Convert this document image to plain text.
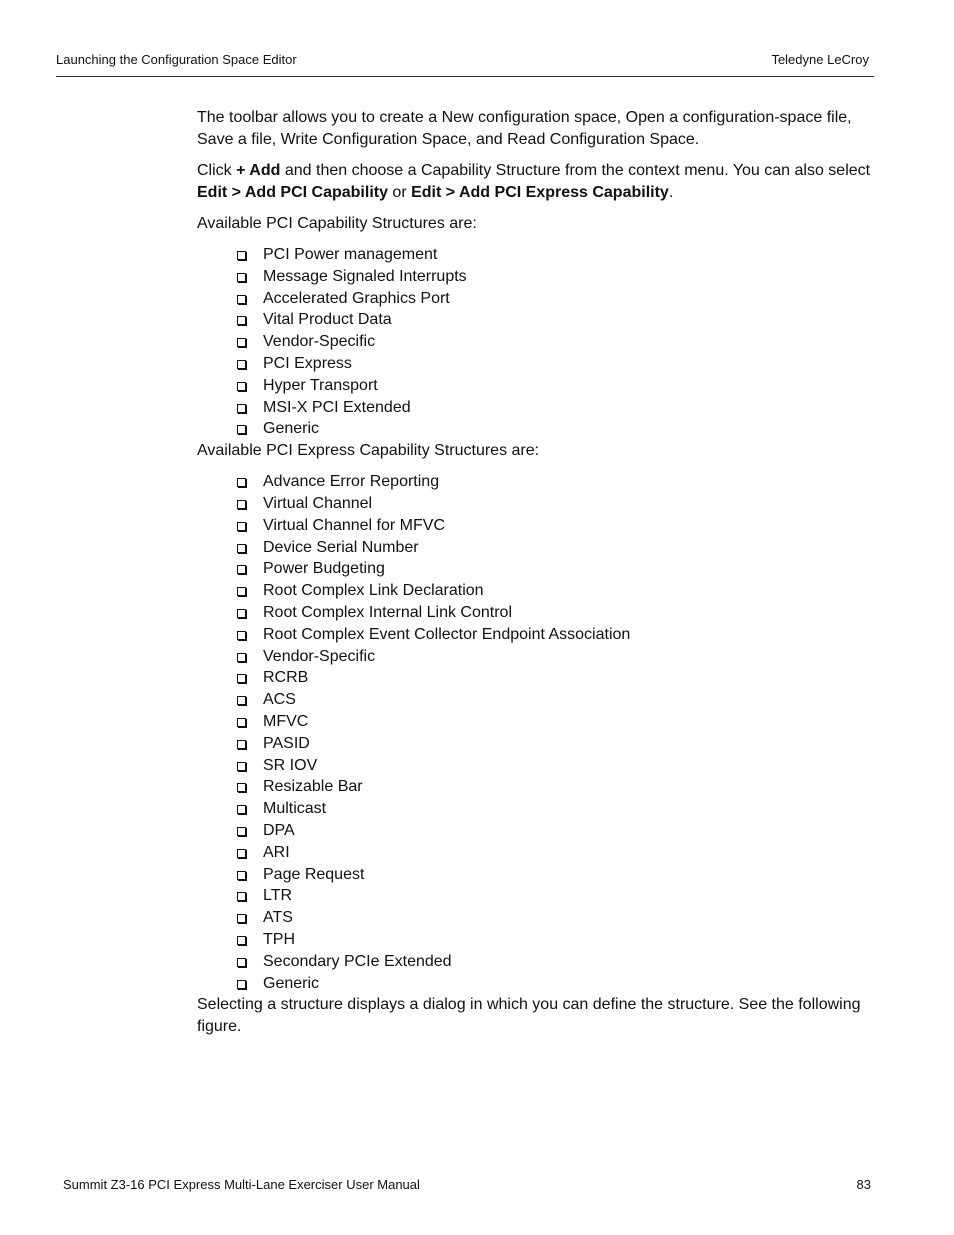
Launching the Configuration Space Editor	Teledyne LeCroy

The toolbar allows you to create a New configuration space, Open a configuration-space file, Save a file, Write Configuration Space, and Read Configuration Space.

Click + Add and then choose a Capability Structure from the context menu. You can also select Edit > Add PCI Capability or Edit > Add PCI Express Capability.

Available PCI Capability Structures are:

PCI Power management
Message Signaled Interrupts
Accelerated Graphics Port
Vital Product Data
Vendor-Specific
PCI Express
Hyper Transport
MSI-X PCI Extended
Generic

Available PCI Express Capability Structures are:

Advance Error Reporting
Virtual Channel
Virtual Channel for MFVC
Device Serial Number
Power Budgeting
Root Complex Link Declaration
Root Complex Internal Link Control
Root Complex Event Collector Endpoint Association
Vendor-Specific
RCRB
ACS
MFVC
PASID
SR IOV
Resizable Bar
Multicast
DPA
ARI
Page Request
LTR
ATS
TPH
Secondary PCIe Extended
Generic

Selecting a structure displays a dialog in which you can define the structure. See the following figure.

Summit Z3-16 PCI Express Multi-Lane Exerciser User Manual	83
